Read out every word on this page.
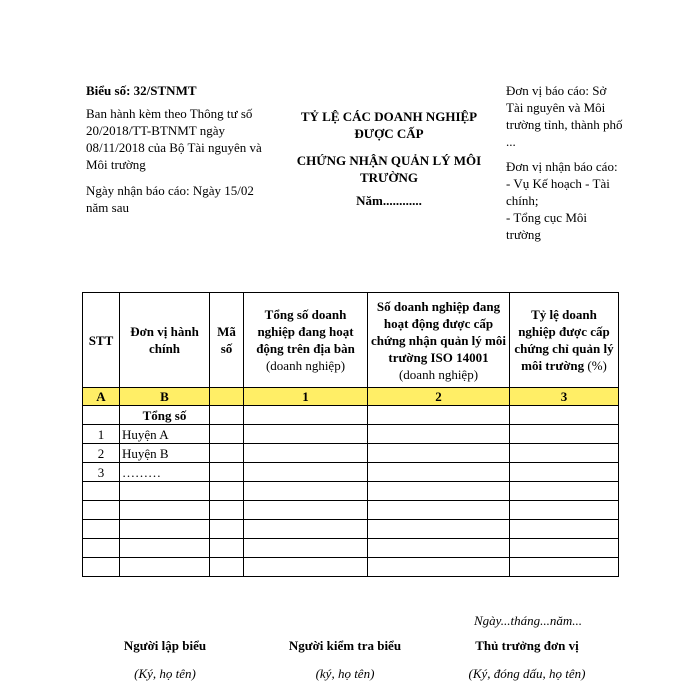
Biểu số: 32/STNMT
Ban hành kèm theo Thông tư số 20/2018/TT-BTNMT ngày 08/11/2018 của Bộ Tài nguyên và Môi trường
Ngày nhận báo cáo: Ngày 15/02 năm sau
TỶ LỆ CÁC DOANH NGHIỆP ĐƯỢC CẤP
CHỨNG NHẬN QUẢN LÝ MÔI TRƯỜNG
Năm............
Đơn vị báo cáo: Sở Tài nguyên và Môi trường tỉnh, thành phố ...
Đơn vị nhận báo cáo:
- Vụ Kế hoạch - Tài chính;
- Tổng cục Môi trường
STT	Đơn vị hành chính	Mã số	Tổng số doanh nghiệp đang hoạt động trên địa bàn (doanh nghiệp)	Số doanh nghiệp đang hoạt động được cấp chứng nhận quản lý môi trường ISO 14001 (doanh nghiệp)	Tỷ lệ doanh nghiệp được cấp chứng chỉ quản lý môi trường (%)
A	B		1	2	3
	Tổng số				
1	Huyện A				
2	Huyện B				
3	………				

Ngày...tháng...năm...
Người lập biểu
(Ký, họ tên)
Người kiểm tra biểu
(ký, họ tên)
Thủ trưởng đơn vị
(Ký, đóng dấu, họ tên)
